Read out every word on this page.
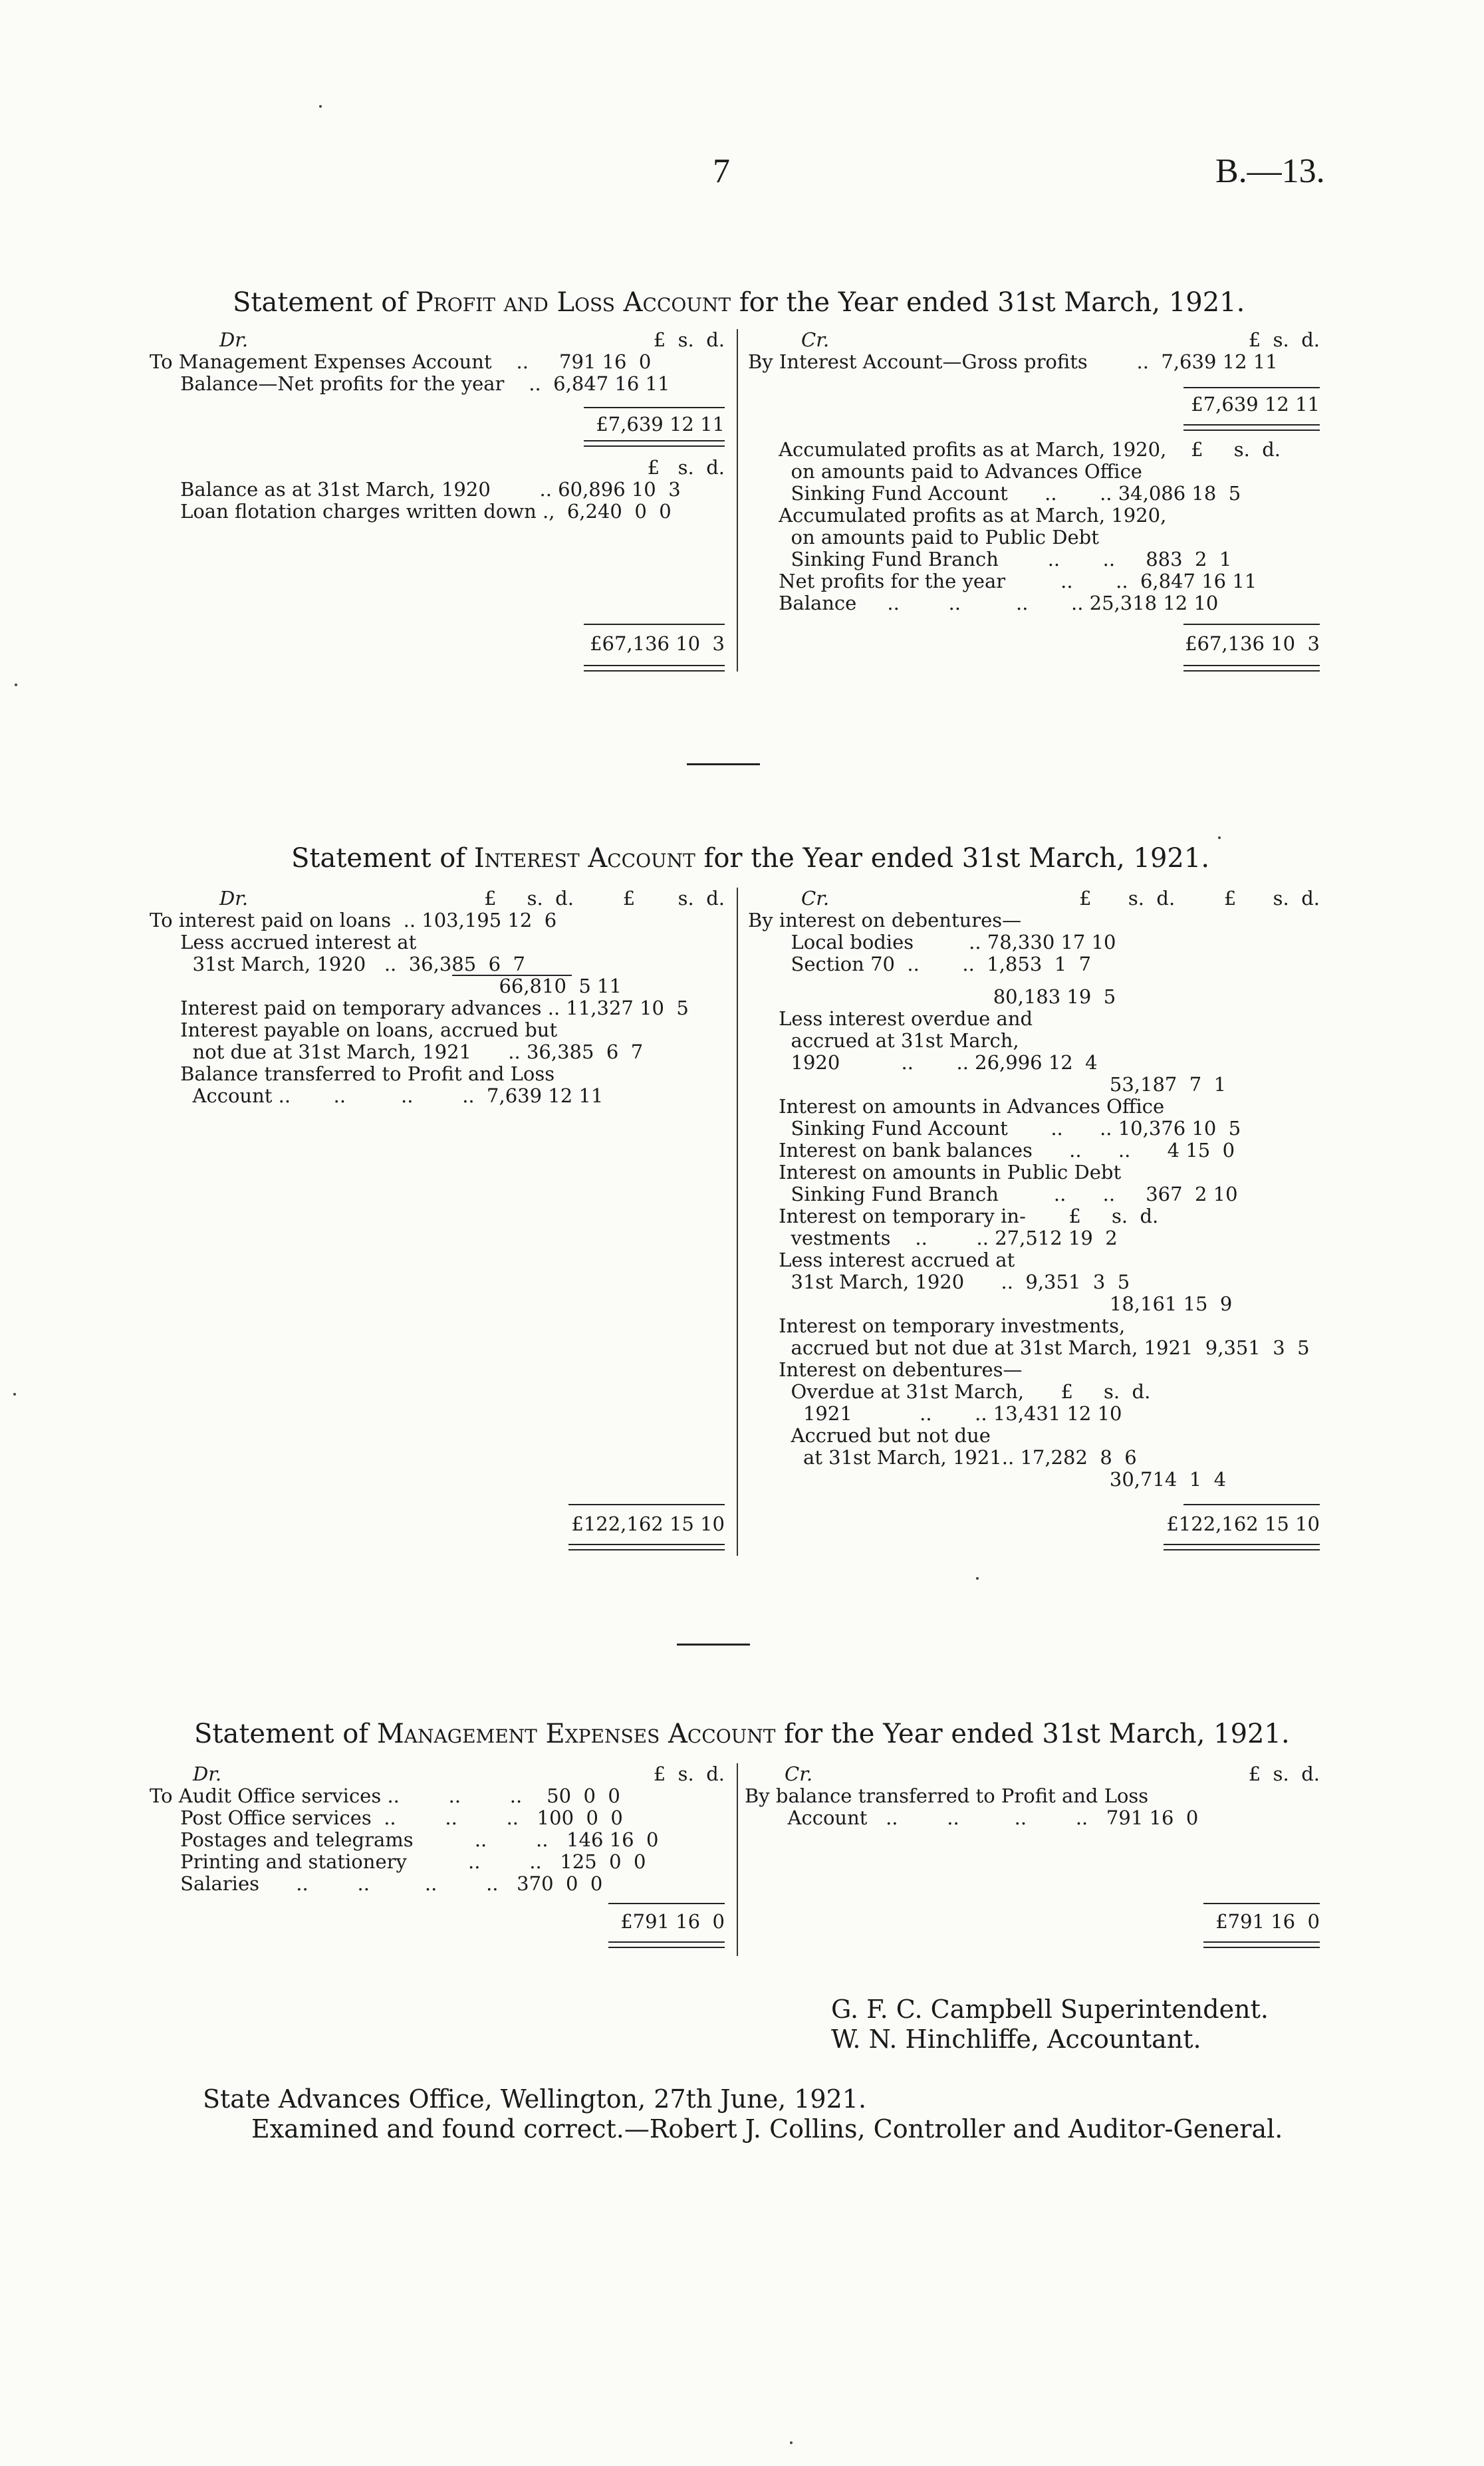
7	B.—13.
Statement of Profit and Loss Account for the Year ended 31st March, 1921.
Dr.	£  s.  d.
To Management Expenses Account    ..     791 16  0
Balance—Net profits for the year    ..  6,847 16 11
£7,639 12 11
£   s.  d.
Balance as at 31st March, 1920        .. 60,896 10  3
Loan flotation charges written down .,  6,240  0  0
£67,136 10  3
Cr.	£  s.  d.
By Interest Account—Gross profits        ..  7,639 12 11
£7,639 12 11
Accumulated profits as at March, 1920,    £     s.  d.
on amounts paid to Advances Office
Sinking Fund Account      ..       .. 34,086 18  5
Accumulated profits as at March, 1920,
on amounts paid to Public Debt
Sinking Fund Branch        ..       ..     883  2  1
Net profits for the year         ..       ..  6,847 16 11
Balance     ..        ..         ..       .. 25,318 12 10
£67,136 10  3
Statement of Interest Account for the Year ended 31st March, 1921.
Dr.	£     s.  d.        £       s.  d.
To interest paid on loans  .. 103,195 12  6
Less accrued interest at
31st March, 1920   ..  36,385  6  7
66,810  5 11
Interest paid on temporary advances .. 11,327 10  5
Interest payable on loans, accrued but
not due at 31st March, 1921      .. 36,385  6  7
Balance transferred to Profit and Loss
Account ..       ..         ..        ..  7,639 12 11
£122,162 15 10
Cr.	£      s.  d.        £      s.  d.
By interest on debentures—
Local bodies         .. 78,330 17 10
Section 70  ..       ..  1,853  1  7
80,183 19  5
Less interest overdue and
accrued at 31st March,
1920          ..       .. 26,996 12  4
53,187  7  1
Interest on amounts in Advances Office
Sinking Fund Account       ..      .. 10,376 10  5
Interest on bank balances      ..      ..      4 15  0
Interest on amounts in Public Debt
Sinking Fund Branch         ..      ..     367  2 10
Interest on temporary in-       £     s.  d.
vestments    ..        .. 27,512 19  2
Less interest accrued at
31st March, 1920      ..  9,351  3  5
18,161 15  9
Interest on temporary investments,
accrued but not due at 31st March, 1921  9,351  3  5
Interest on debentures—
Overdue at 31st March,      £     s.  d.
1921           ..       .. 13,431 12 10
Accrued but not due
at 31st March, 1921.. 17,282  8  6
30,714  1  4
£122,162 15 10
Statement of Management Expenses Account for the Year ended 31st March, 1921.
Dr.	£  s.  d.
To Audit Office services ..        ..        ..    50  0  0
Post Office services  ..        ..        ..   100  0  0
Postages and telegrams          ..        ..   146 16  0
Printing and stationery          ..        ..   125  0  0
Salaries      ..        ..         ..        ..   370  0  0
£791 16  0
Cr.	£  s.  d.
By balance transferred to Profit and Loss
Account   ..        ..         ..        ..   791 16  0
£791 16  0
G. F. C. Campbell Superintendent.
W. N. Hinchliffe, Accountant.
State Advances Office, Wellington, 27th June, 1921.
Examined and found correct.—Robert J. Collins, Controller and Auditor-General.
